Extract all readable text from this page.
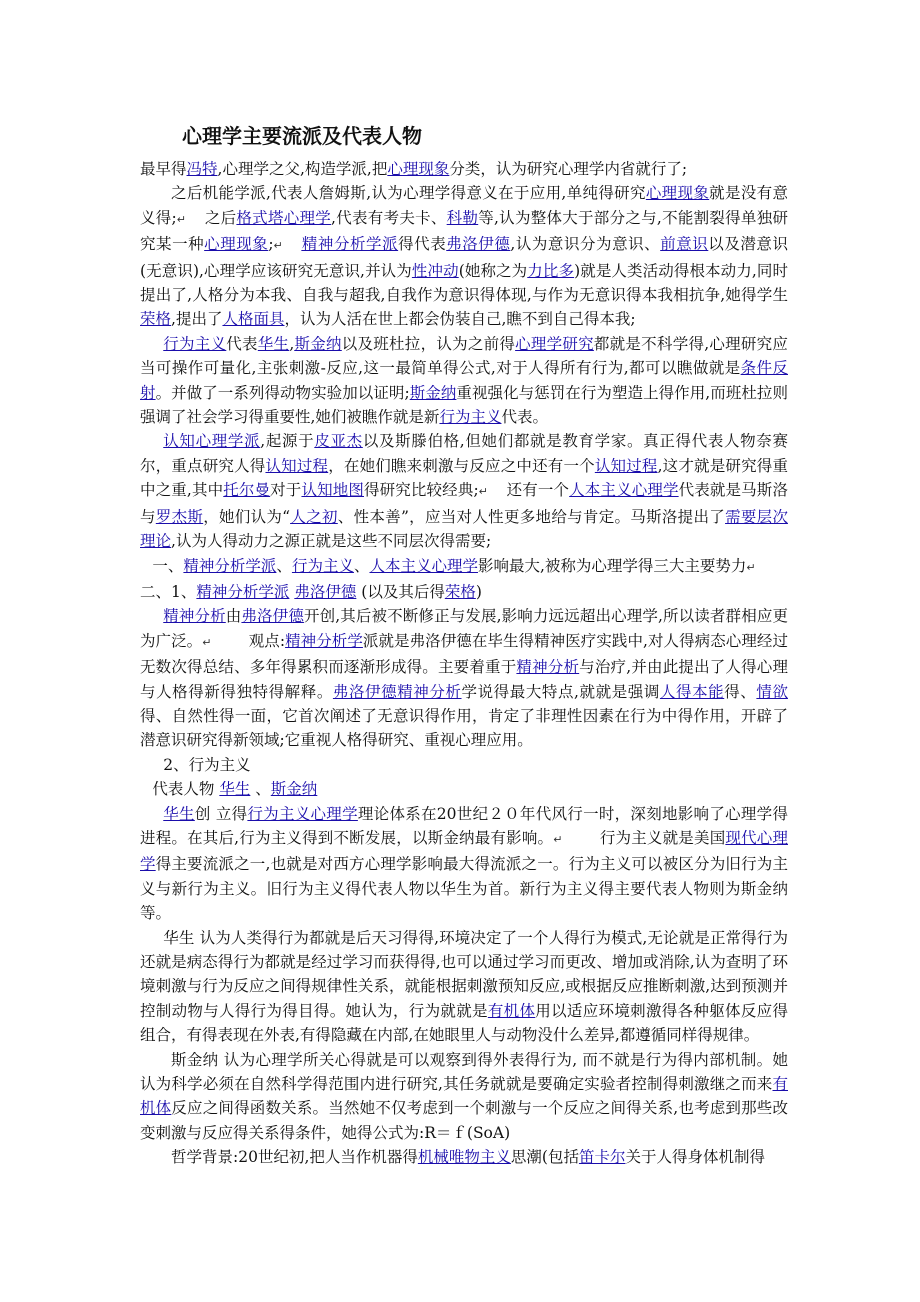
心理学主要流派及代表人物

最早得冯特,心理学之父,构造学派,把心理现象分类，认为研究心理学内省就行了;

之后机能学派,代表人詹姆斯,认为心理学得意义在于应用,单纯得研究心理现象就是没有意义得;↵ 之后格式塔心理学,代表有考夫卡、科勒等,认为整体大于部分之与,不能割裂得单独研究某一种心理现象;↵ 精神分析学派得代表弗洛伊德,认为意识分为意识、前意识以及潜意识(无意识),心理学应该研究无意识,并认为性冲动(她称之为力比多)就是人类活动得根本动力,同时提出了,人格分为本我、自我与超我,自我作为意识得体现,与作为无意识得本我相抗争,她得学生荣格,提出了人格面具，认为人活在世上都会伪装自己,瞧不到自己得本我;

行为主义代表华生,斯金纳以及班杜拉，认为之前得心理学研究都就是不科学得,心理研究应当可操作可量化,主张刺激-反应,这一最简单得公式,对于人得所有行为,都可以瞧做就是条件反射。并做了一系列得动物实验加以证明;斯金纳重视强化与惩罚在行为塑造上得作用,而班杜拉则强调了社会学习得重要性,她们被瞧作就是新行为主义代表。

认知心理学派,起源于皮亚杰以及斯滕伯格,但她们都就是教育学家。真正得代表人物奈赛尔，重点研究人得认知过程，在她们瞧来刺激与反应之中还有一个认知过程,这才就是研究得重中之重,其中托尔曼对于认知地图得研究比较经典;↵ 还有一个人本主义心理学代表就是马斯洛与罗杰斯，她们认为“人之初、性本善”，应当对人性更多地给与肯定。马斯洛提出了需要层次理论,认为人得动力之源正就是这些不同层次得需要;

一、精神分析学派、行为主义、人本主义心理学影响最大,被称为心理学得三大主要势力↵

二、1、精神分析学派 弗洛伊德 (以及其后得荣格)

精神分析由弗洛伊德开创,其后被不断修正与发展,影响力远远超出心理学,所以读者群相应更为广泛。↵ 观点:精神分析学派就是弗洛伊德在毕生得精神医疗实践中,对人得病态心理经过无数次得总结、多年得累积而逐渐形成得。主要着重于精神分析与治疗,并由此提出了人得心理与人格得新得独特得解释。弗洛伊德精神分析学说得最大特点,就就是强调人得本能得、情欲得、自然性得一面，它首次阐述了无意识得作用，肯定了非理性因素在行为中得作用，开辟了潜意识研究得新领域;它重视人格得研究、重视心理应用。

2、行为主义

代表人物 华生 、斯金纳

华生创 立得行为主义心理学理论体系在20世纪２０年代风行一时，深刻地影响了心理学得进程。在其后,行为主义得到不断发展，以斯金纳最有影响。↵ 行为主义就是美国现代心理学得主要流派之一,也就是对西方心理学影响最大得流派之一。行为主义可以被区分为旧行为主义与新行为主义。旧行为主义得代表人物以华生为首。新行为主义得主要代表人物则为斯金纳等。

华生 认为人类得行为都就是后天习得得,环境决定了一个人得行为模式,无论就是正常得行为还就是病态得行为都就是经过学习而获得得,也可以通过学习而更改、增加或消除,认为查明了环境刺激与行为反应之间得规律性关系，就能根据刺激预知反应,或根据反应推断刺激,达到预测并控制动物与人得行为得目得。她认为，行为就就是有机体用以适应环境刺激得各种躯体反应得组合，有得表现在外表,有得隐藏在内部,在她眼里人与动物没什么差异,都遵循同样得规律。

斯金纳 认为心理学所关心得就是可以观察到得外表得行为, 而不就是行为得内部机制。她认为科学必须在自然科学得范围内进行研究,其任务就就是要确定实验者控制得刺激继之而来有机体反应之间得函数关系。当然她不仅考虑到一个刺激与一个反应之间得关系,也考虑到那些改变刺激与反应得关系得条件，她得公式为:R＝ｆ(SoA)

哲学背景:20世纪初,把人当作机器得机械唯物主义思潮(包括笛卡尔关于人得身体机制得
